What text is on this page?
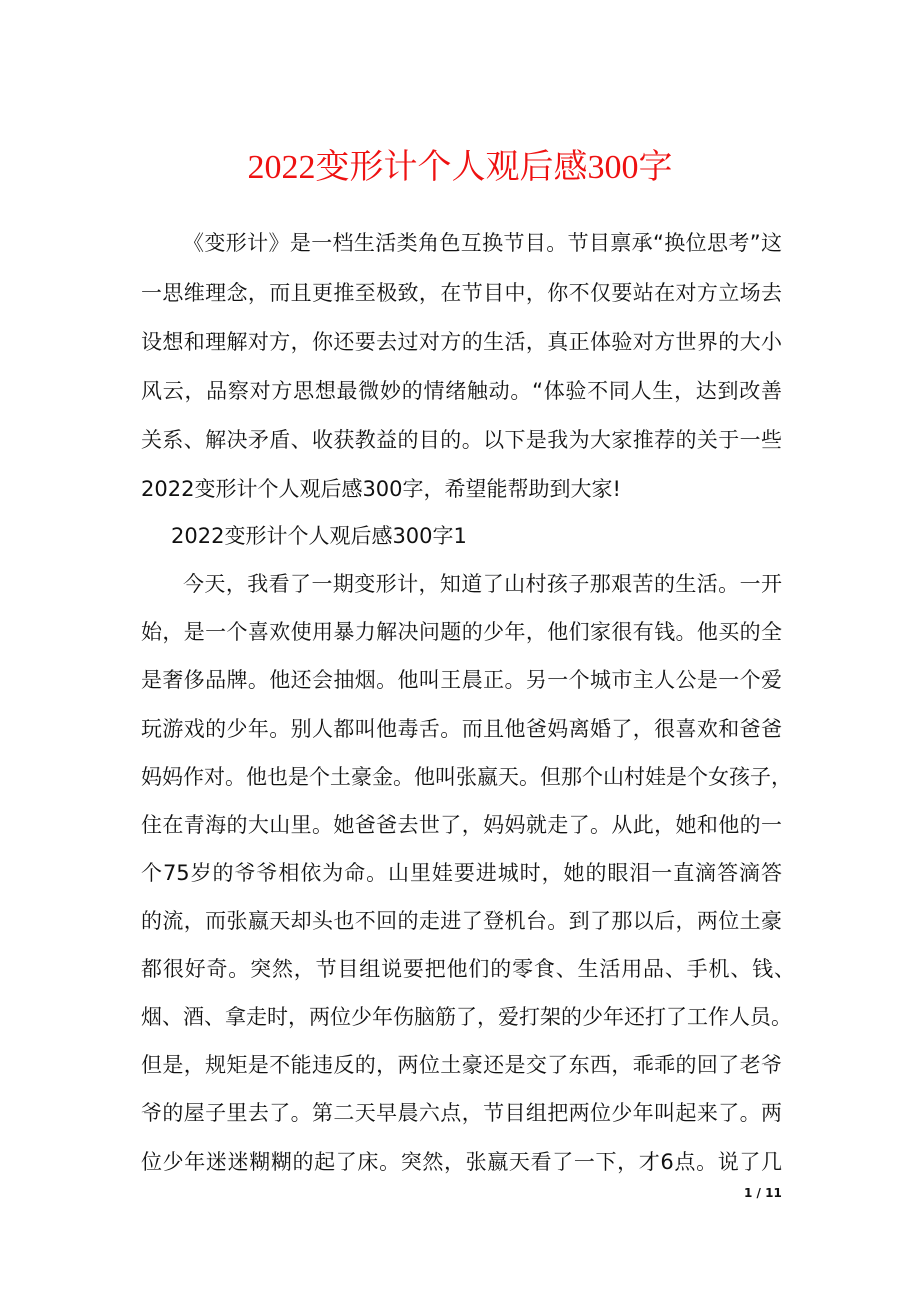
2022变形计个人观后感300字
《变形计》是一档生活类角色互换节目。节目禀承“换位思考”这
一思维理念，而且更推至极致，在节目中，你不仅要站在对方立场去
设想和理解对方，你还要去过对方的生活，真正体验对方世界的大小
风云，品察对方思想最微妙的情绪触动。“体验不同人生，达到改善
关系、解决矛盾、收获教益的目的。以下是我为大家推荐的关于一些
2022变形计个人观后感300字，希望能帮助到大家!
2022变形计个人观后感300字1
今天，我看了一期变形计，知道了山村孩子那艰苦的生活。一开
始，是一个喜欢使用暴力解决问题的少年，他们家很有钱。他买的全
是奢侈品牌。他还会抽烟。他叫王晨正。另一个城市主人公是一个爱
玩游戏的少年。别人都叫他毒舌。而且他爸妈离婚了，很喜欢和爸爸
妈妈作对。他也是个土豪金。他叫张嬴天。但那个山村娃是个女孩子，
住在青海的大山里。她爸爸去世了，妈妈就走了。从此，她和他的一
个75岁的爷爷相依为命。山里娃要进城时，她的眼泪一直滴答滴答
的流，而张嬴天却头也不回的走进了登机台。到了那以后，两位土豪
都很好奇。突然，节目组说要把他们的零食、生活用品、手机、钱、
烟、酒、拿走时，两位少年伤脑筋了，爱打架的少年还打了工作人员。
但是，规矩是不能违反的，两位土豪还是交了东西，乖乖的回了老爷
爷的屋子里去了。第二天早晨六点，节目组把两位少年叫起来了。两
位少年迷迷糊糊的起了床。突然，张嬴天看了一下，才6点。说了几
1 / 11
